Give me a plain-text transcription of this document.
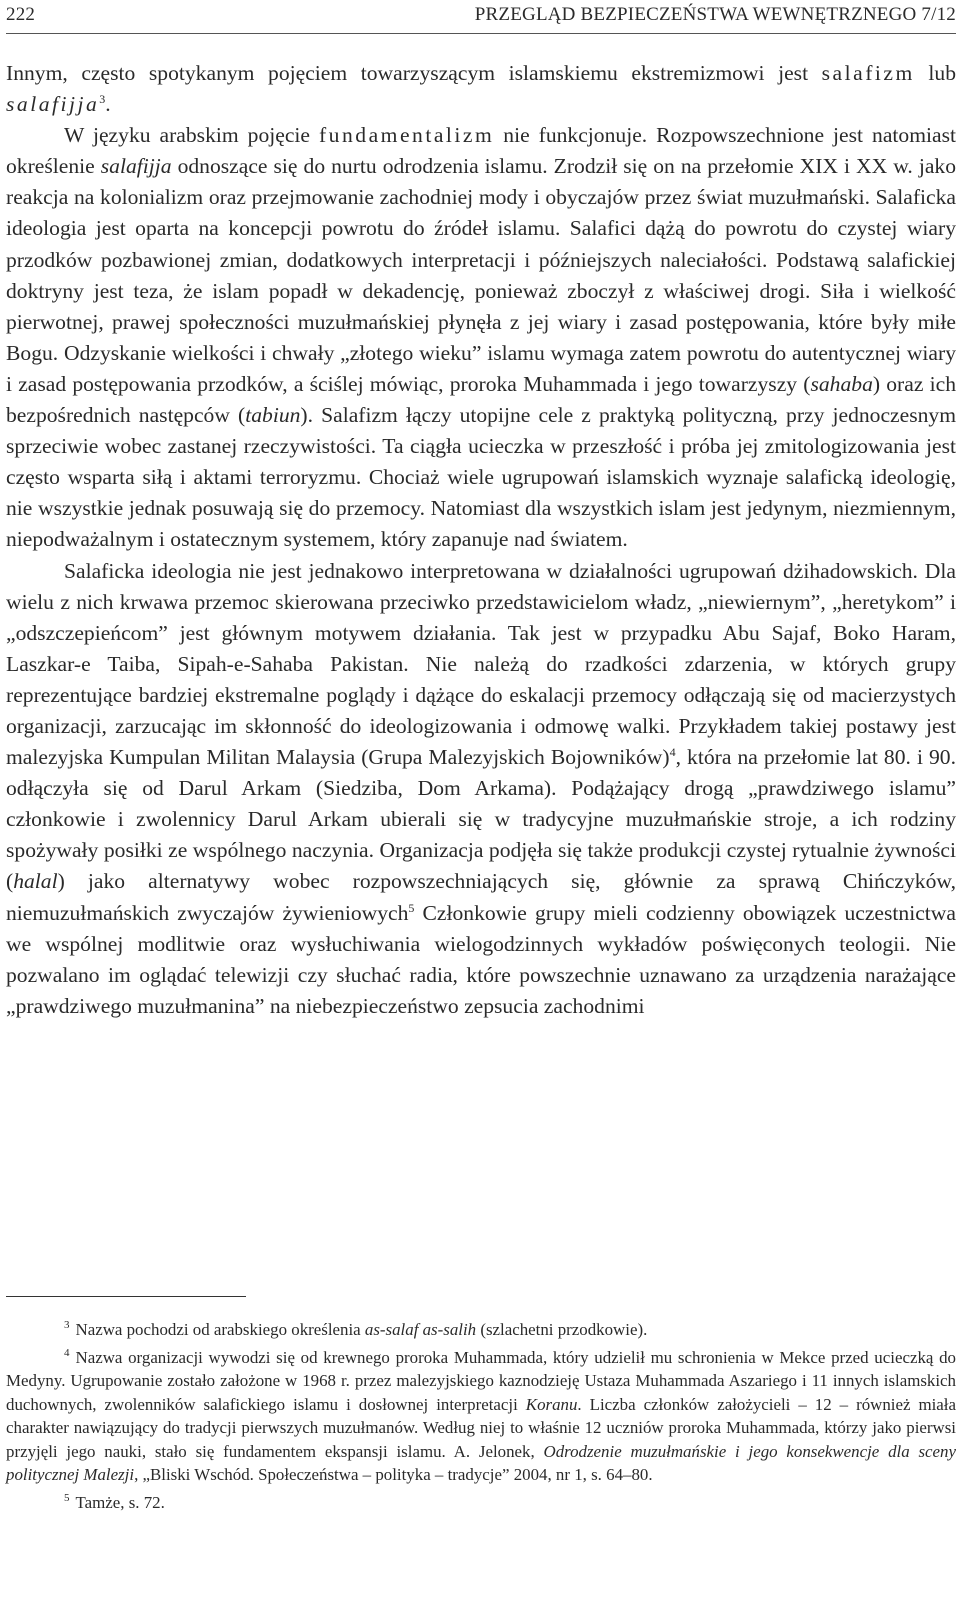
222	PRZEGLĄD BEZPIECZEŃSTWA WEWNĘTRZNEGO 7/12

Innym, często spotykanym pojęciem towarzyszącym islamskiemu ekstremizmowi jest salafizm lub salafijja$^3$.

W języku arabskim pojęcie fundamentalizm nie funkcjonuje. Rozpowszechnione jest natomiast określenie salafijja odnoszące się do nurtu odrodzenia islamu. Zrodził się on na przełomie XIX i XX w. jako reakcja na kolonializm oraz przejmowanie zachodniej mody i obyczajów przez świat muzułmański. Salaficka ideologia jest oparta na koncepcji powrotu do źródeł islamu. Salafici dążą do powrotu do czystej wiary przodków pozbawionej zmian, dodatkowych interpretacji i późniejszych naleciałości. Podstawą salafickiej doktryny jest teza, że islam popadł w dekadencję, ponieważ zboczył z właściwej drogi. Siła i wielkość pierwotnej, prawej społeczności muzułmańskiej płynęła z jej wiary i zasad postępowania, które były miłe Bogu. Odzyskanie wielkości i chwały „złotego wieku” islamu wymaga zatem powrotu do autentycznej wiary i zasad postępowania przodków, a ściślej mówiąc, proroka Muhammada i jego towarzyszy (sahaba) oraz ich bezpośrednich następców (tabiun). Salafizm łączy utopijne cele z praktyką polityczną, przy jednoczesnym sprzeciwie wobec zastanej rzeczywistości. Ta ciągła ucieczka w przeszłość i próba jej zmitologizowania jest często wsparta siłą i aktami terroryzmu. Chociaż wiele ugrupowań islamskich wyznaje salaficką ideologię, nie wszystkie jednak posuwają się do przemocy. Natomiast dla wszystkich islam jest jedynym, niezmiennym, niepodważalnym i ostatecznym systemem, który zapanuje nad światem.

Salaficka ideologia nie jest jednakowo interpretowana w działalności ugrupowań dżihadowskich. Dla wielu z nich krwawa przemoc skierowana przeciwko przedstawicielom władz, „niewiernym”, „heretykom” i „odszczepieńcom” jest głównym motywem działania. Tak jest w przypadku Abu Sajaf, Boko Haram, Laszkar-e Taiba, Sipah-e-Sahaba Pakistan. Nie należą do rzadkości zdarzenia, w których grupy reprezentujące bardziej ekstremalne poglądy i dążące do eskalacji przemocy odłączają się od macierzystych organizacji, zarzucając im skłonność do ideologizowania i odmowę walki. Przykładem takiej postawy jest malezyjska Kumpulan Militan Malaysia (Grupa Malezyjskich Bojowników)$^4$, która na przełomie lat 80. i 90. odłączyła się od Darul Arkam (Siedziba, Dom Arkama). Podążający drogą „prawdziwego islamu” członkowie i zwolennicy Darul Arkam ubierali się w tradycyjne muzułmańskie stroje, a ich rodziny spożywały posiłki ze wspólnego naczynia. Organizacja podjęła się także produkcji czystej rytualnie żywności (halal) jako alternatywy wobec rozpowszechniających się, głównie za sprawą Chińczyków, niemuzułmańskich zwyczajów żywieniowych$^5$ Członkowie grupy mieli codzienny obowiązek uczestnictwa we wspólnej modlitwie oraz wysłuchiwania wielogodzinnych wykładów poświęconych teologii. Nie pozwalano im oglądać telewizji czy słuchać radia, które powszechnie uznawano za urządzenia narażające „prawdziwego muzułmanina” na niebezpieczeństwo zepsucia zachodnimi

$^3$ Nazwa pochodzi od arabskiego określenia as-salaf as-salih (szlachetni przodkowie).

$^4$ Nazwa organizacji wywodzi się od krewnego proroka Muhammada, który udzielił mu schronienia w Mekce przed ucieczką do Medyny. Ugrupowanie zostało założone w 1968 r. przez malezyjskiego kaznodzieję Ustaza Muhammada Aszariego i 11 innych islamskich duchownych, zwolenników salafickiego islamu i dosłownej interpretacji Koranu. Liczba członków założycieli – 12 – również miała charakter nawiązujący do tradycji pierwszych muzułmanów. Według niej to właśnie 12 uczniów proroka Muhammada, którzy jako pierwsi przyjęli jego nauki, stało się fundamentem ekspansji islamu. A. Jelonek, Odrodzenie muzułmańskie i jego konsekwencje dla sceny politycznej Malezji, „Bliski Wschód. Społeczeństwa – polityka – tradycje” 2004, nr 1, s. 64–80.

$^5$ Tamże, s. 72.
